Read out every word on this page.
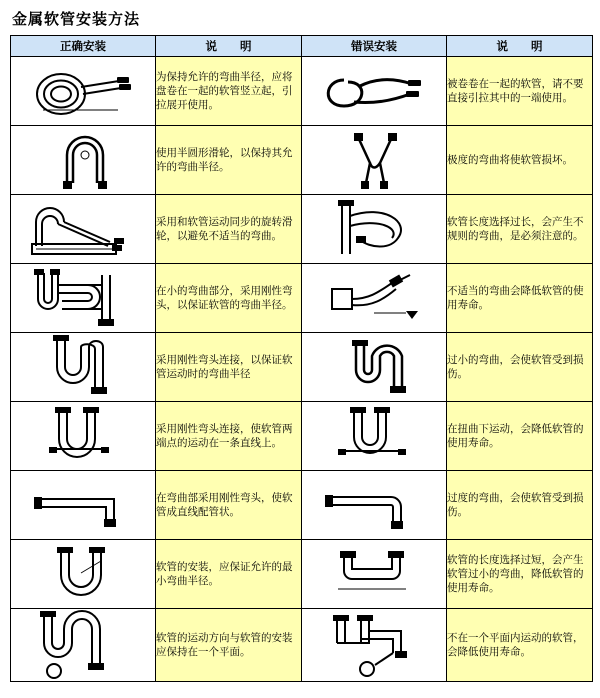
金属软管安装方法
正确安装	说　　明	错误安装	说　　明

	为保持允许的弯曲半径，应将盘卷在一起的软管竖立起，引拉展开使用。		被卷卷在一起的软管，请不要直接引拉其中的一端使用。

	使用半圆形滑轮，以保持其允许的弯曲半径。		极度的弯曲将使软管损坏。

	采用和软管运动同步的旋转滑轮，以避免不适当的弯曲。		软管长度选择过长，会产生不规则的弯曲，是必须注意的。

	在小的弯曲部分，采用刚性弯头，以保证软管的弯曲半径。		不适当的弯曲会降低软管的使用寿命。

	采用刚性弯头连接，以保证软管运动时的弯曲半径		过小的弯曲，会使软管受到损伤。

	采用刚性弯头连接，使软管两端点的运动在一条直线上。		在扭曲下运动，会降低软管的使用寿命。

	在弯曲部采用刚性弯头，使软管成直线配管状。		过度的弯曲，会使软管受到损伤。

	软管的安装，应保证允许的最小弯曲半径。		软管的长度选择过短，会产生软管过小的弯曲，降低软管的使用寿命。

	软管的运动方向与软管的安装应保持在一个平面。		不在一个平面内运动的软管，会降低使用寿命。
